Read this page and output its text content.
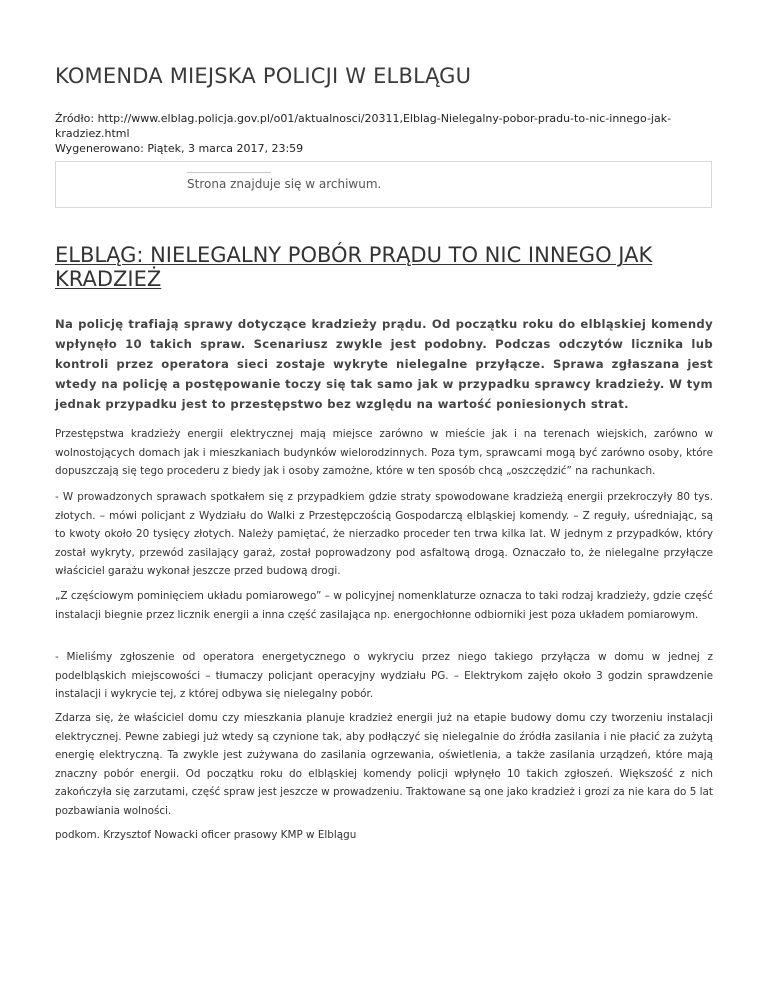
KOMENDA MIEJSKA POLICJI W ELBLĄGU
Źródło: http://www.elblag.policja.gov.pl/o01/aktualnosci/20311,Elblag-Nielegalny-pobor-pradu-to-nic-innego-jak-kradziez.html
Wygenerowano: Piątek, 3 marca 2017, 23:59
Strona znajduje się w archiwum.
ELBLĄG: NIELEGALNY POBÓR PRĄDU TO NIC INNEGO JAK KRADZIEŻ

Na policję trafiają sprawy dotyczące kradzieży prądu. Od początku roku do elbląskiej komendy wpłynęło 10 takich spraw. Scenariusz zwykle jest podobny. Podczas odczytów licznika lub kontroli przez operatora sieci zostaje wykryte nielegalne przyłącze. Sprawa zgłaszana jest wtedy na policję a postępowanie toczy się tak samo jak w przypadku sprawcy kradzieży. W tym jednak przypadku jest to przestępstwo bez względu na wartość poniesionych strat.

Przestępstwa kradzieży energii elektrycznej mają miejsce zarówno w mieście jak i na terenach wiejskich, zarówno w wolnostojących domach jak i mieszkaniach budynków wielorodzinnych. Poza tym, sprawcami mogą być zarówno osoby, które dopuszczają się tego procederu z biedy jak i osoby zamożne, które w ten sposób chcą „oszczędzić” na rachunkach.

- W prowadzonych sprawach spotkałem się z przypadkiem gdzie straty spowodowane kradzieżą energii przekroczyły 80 tys. złotych. – mówi policjant z Wydziału do Walki z Przestępczością Gospodarczą elbląskiej komendy. – Z reguły, uśredniając, są to kwoty około 20 tysięcy złotych. Należy pamiętać, że nierzadko proceder ten trwa kilka lat. W jednym z przypadków, który został wykryty, przewód zasilający garaż, został poprowadzony pod asfaltową drogą. Oznaczało to, że nielegalne przyłącze właściciel garażu wykonał jeszcze przed budową drogi.

„Z częściowym pominięciem układu pomiarowego” – w policyjnej nomenklaturze oznacza to taki rodzaj kradzieży, gdzie część instalacji biegnie przez licznik energii a inna część zasilająca np. energochłonne odbiorniki jest poza układem pomiarowym.

- Mieliśmy zgłoszenie od operatora energetycznego o wykryciu przez niego takiego przyłącza w domu w jednej z podelbląskich miejscowości – tłumaczy policjant operacyjny wydziału PG. – Elektrykom zajęło około 3 godzin sprawdzenie instalacji i wykrycie tej, z której odbywa się nielegalny pobór.

Zdarza się, że właściciel domu czy mieszkania planuje kradzież energii już na etapie budowy domu czy tworzeniu instalacji elektrycznej. Pewne zabiegi już wtedy są czynione tak, aby podłączyć się nielegalnie do źródła zasilania i nie płacić za zużytą energię elektryczną. Ta zwykle jest zużywana do zasilania ogrzewania, oświetlenia, a także zasilania urządzeń, które mają znaczny pobór energii. Od początku roku do elbląskiej komendy policji wpłynęło 10 takich zgłoszeń. Większość z nich zakończyła się zarzutami, część spraw jest jeszcze w prowadzeniu. Traktowane są one jako kradzież i grozi za nie kara do 5 lat pozbawiania wolności.

podkom. Krzysztof Nowacki oficer prasowy KMP w Elblągu
